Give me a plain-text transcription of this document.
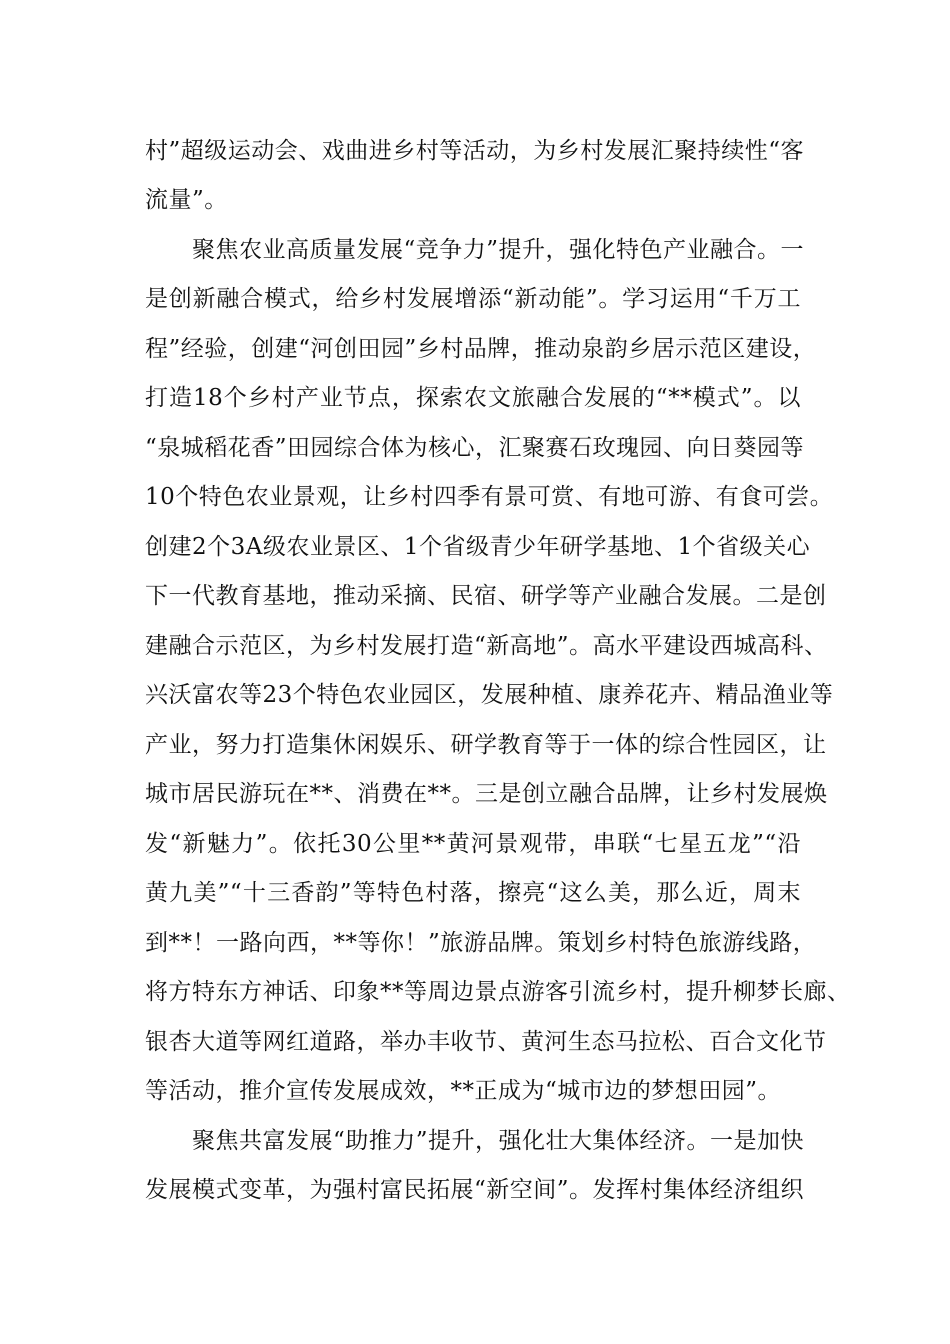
村”超级运动会、戏曲进乡村等活动，为乡村发展汇聚持续性“客
流量”。
聚焦农业高质量发展“竞争力”提升，强化特色产业融合。一
是创新融合模式，给乡村发展增添“新动能”。学习运用“千万工
程”经验，创建“河创田园”乡村品牌，推动泉韵乡居示范区建设，
打造18个乡村产业节点，探索农文旅融合发展的“**模式”。以
“泉城稻花香”田园综合体为核心，汇聚赛石玫瑰园、向日葵园等
10个特色农业景观，让乡村四季有景可赏、有地可游、有食可尝。
创建2个3A级农业景区、1个省级青少年研学基地、1个省级关心
下一代教育基地，推动采摘、民宿、研学等产业融合发展。二是创
建融合示范区，为乡村发展打造“新高地”。高水平建设西城高科、
兴沃富农等23个特色农业园区，发展种植、康养花卉、精品渔业等
产业，努力打造集休闲娱乐、研学教育等于一体的综合性园区，让
城市居民游玩在**、消费在**。三是创立融合品牌，让乡村发展焕
发“新魅力”。依托30公里**黄河景观带，串联“七星五龙”“沿
黄九美”“十三香韵”等特色村落，擦亮“这么美，那么近，周末
到**！一路向西，**等你！”旅游品牌。策划乡村特色旅游线路，
将方特东方神话、印象**等周边景点游客引流乡村，提升柳梦长廊、
银杏大道等网红道路，举办丰收节、黄河生态马拉松、百合文化节
等活动，推介宣传发展成效，**正成为“城市边的梦想田园”。
聚焦共富发展“助推力”提升，强化壮大集体经济。一是加快
发展模式变革，为强村富民拓展“新空间”。发挥村集体经济组织
